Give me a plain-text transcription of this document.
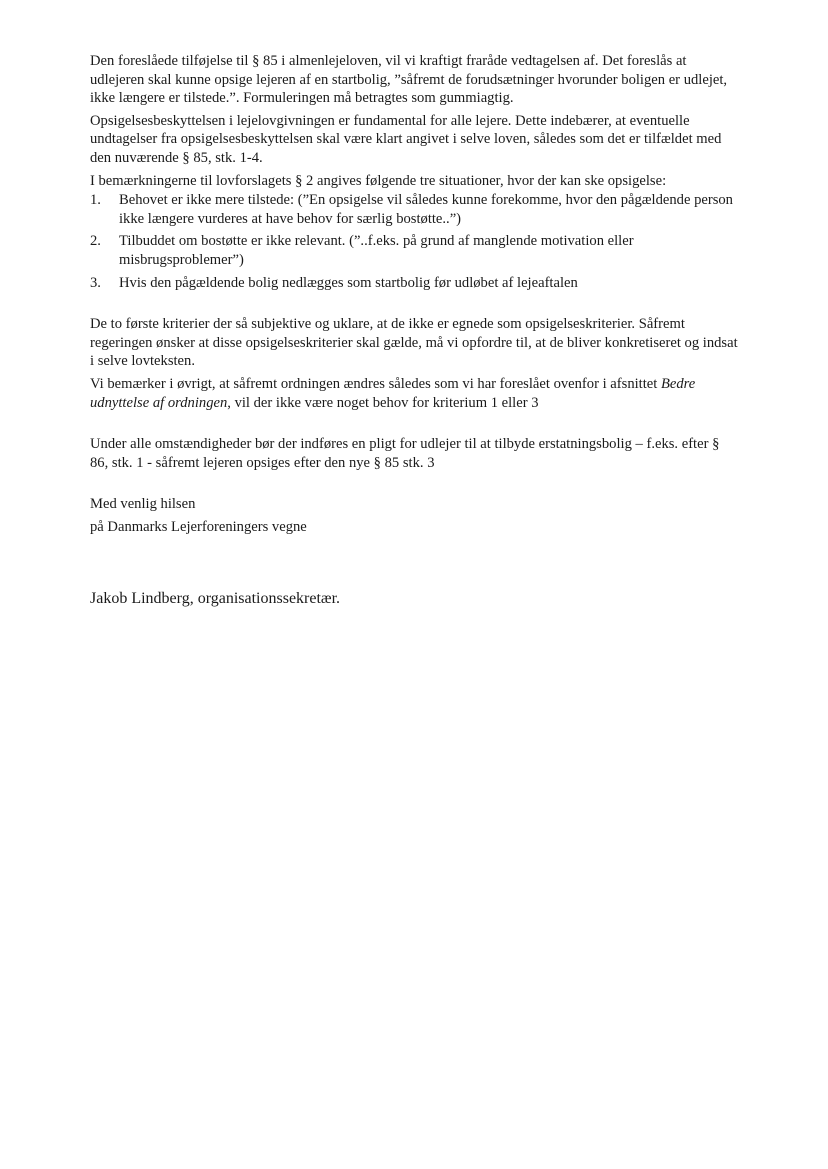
Den foreslåede tilføjelse til § 85 i almenlejeloven, vil vi kraftigt fraråde vedtagelsen af. Det foreslås at udlejeren skal kunne opsige lejeren af en startbolig, ”såfremt de forudsætninger hvorunder boligen er udlejet, ikke længere er tilstede.”. Formuleringen må betragtes som gummiagtig.

Opsigelsesbeskyttelsen i lejelovgivningen er fundamental for alle lejere. Dette indebærer, at eventuelle undtagelser fra opsigelsesbeskyttelsen skal være klart angivet i selve loven, således som det er tilfældet med den nuværende § 85, stk. 1-4.

I bemærkningerne til lovforslagets § 2 angives følgende tre situationer, hvor der kan ske opsigelse:

1. Behovet er ikke mere tilstede: (”En opsigelse vil således kunne forekomme, hvor den pågældende person ikke længere vurderes at have behov for særlig bostøtte..”)
2. Tilbuddet om bostøtte er ikke relevant. (”..f.eks. på grund af manglende motivation eller misbrugsproblemer”)
3. Hvis den pågældende bolig nedlægges som startbolig før udløbet af lejeaftalen

De to første kriterier der så subjektive og uklare, at de ikke er egnede som opsigelseskriterier. Såfremt regeringen ønsker at disse opsigelseskriterier skal gælde, må vi opfordre til, at de bliver konkretiseret og indsat i selve lovteksten.

Vi bemærker i øvrigt, at såfremt ordningen ændres således som vi har foreslået ovenfor i afsnittet Bedre udnyttelse af ordningen, vil der ikke være noget behov for kriterium 1 eller 3

Under alle omstændigheder bør der indføres en pligt for udlejer til at tilbyde erstatningsbolig – f.eks. efter § 86, stk. 1 - såfremt lejeren opsiges efter den nye § 85 stk. 3

Med venlig hilsen

på Danmarks Lejerforeningers vegne

Jakob Lindberg, organisationssekretær.
